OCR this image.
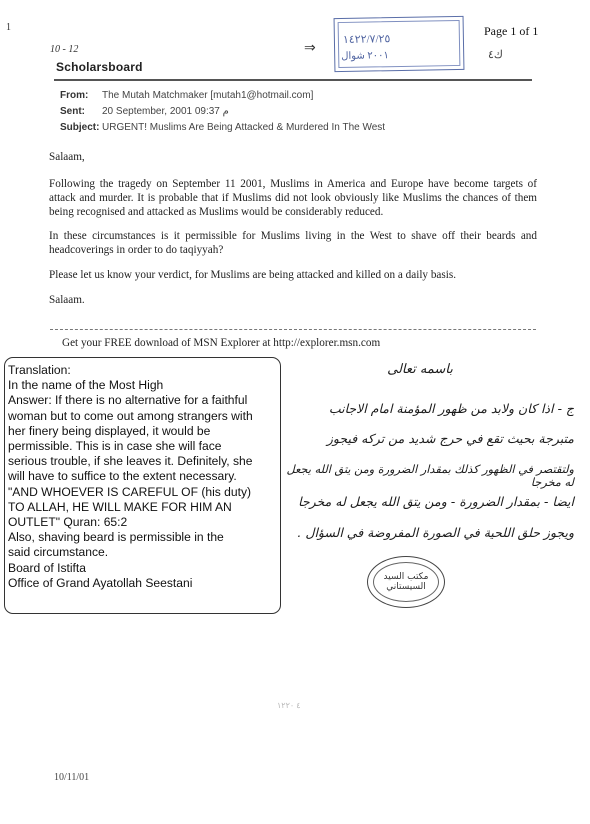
1	Page 1 of 1
10 - 12	⇒	ك٤
١٤٢٢/٧/٢٥
٢٠٠١ شوال
Scholarsboard
From: The Mutah Matchmaker [mutah1@hotmail.com]
Sent: 20 September, 2001 09:37 م
Subject: URGENT! Muslims Are Being Attacked & Murdered In The West
Salaam,
Following the tragedy on September 11 2001, Muslims in America and Europe have become targets of attack and murder. It is probable that if Muslims did not look obviously like Muslims the chances of them being recognised and attacked as Muslims would be considerably reduced.
In these circumstances is it permissible for Muslims living in the West to shave off their beards and headcoverings in order to do taqiyyah?
Please let us know your verdict, for Muslims are being attacked and killed on a daily basis.
Salaam.
Get your FREE download of MSN Explorer at http://explorer.msn.com
Translation:
In the name of the Most High
Answer: If there is no alternative for a faithful
woman but to come out among strangers with
her finery being displayed, it would be
permissible. This is in case she will face
serious trouble, if she leaves it. Definitely, she
will have to suffice to the extent necessary.
"AND WHOEVER IS CAREFUL OF (his duty)
TO ALLAH, HE WILL MAKE FOR HIM AN
OUTLET" Quran: 65:2
Also, shaving beard is permissible in the
said circumstance.
Board of Istifta
Office of Grand Ayatollah Seestani
باسمه تعالى
ج - اذا كان ولابد من ظهور المؤمنة امام الاجانب
متبرجة بحيث تقع في حرج شديد من تركه فيجوز
ولتقتصر في الظهور كذلك بمقدار الضرورة ومن يتق الله يجعل له مخرجا
ايضا - بمقدار الضرورة - ومن يتق الله يجعل له مخرجا
ويجوز حلق اللحية في الصورة المفروضة في السؤال .
مكتب السيد السيستاني
٤ ١٢٢٠
10/11/01
